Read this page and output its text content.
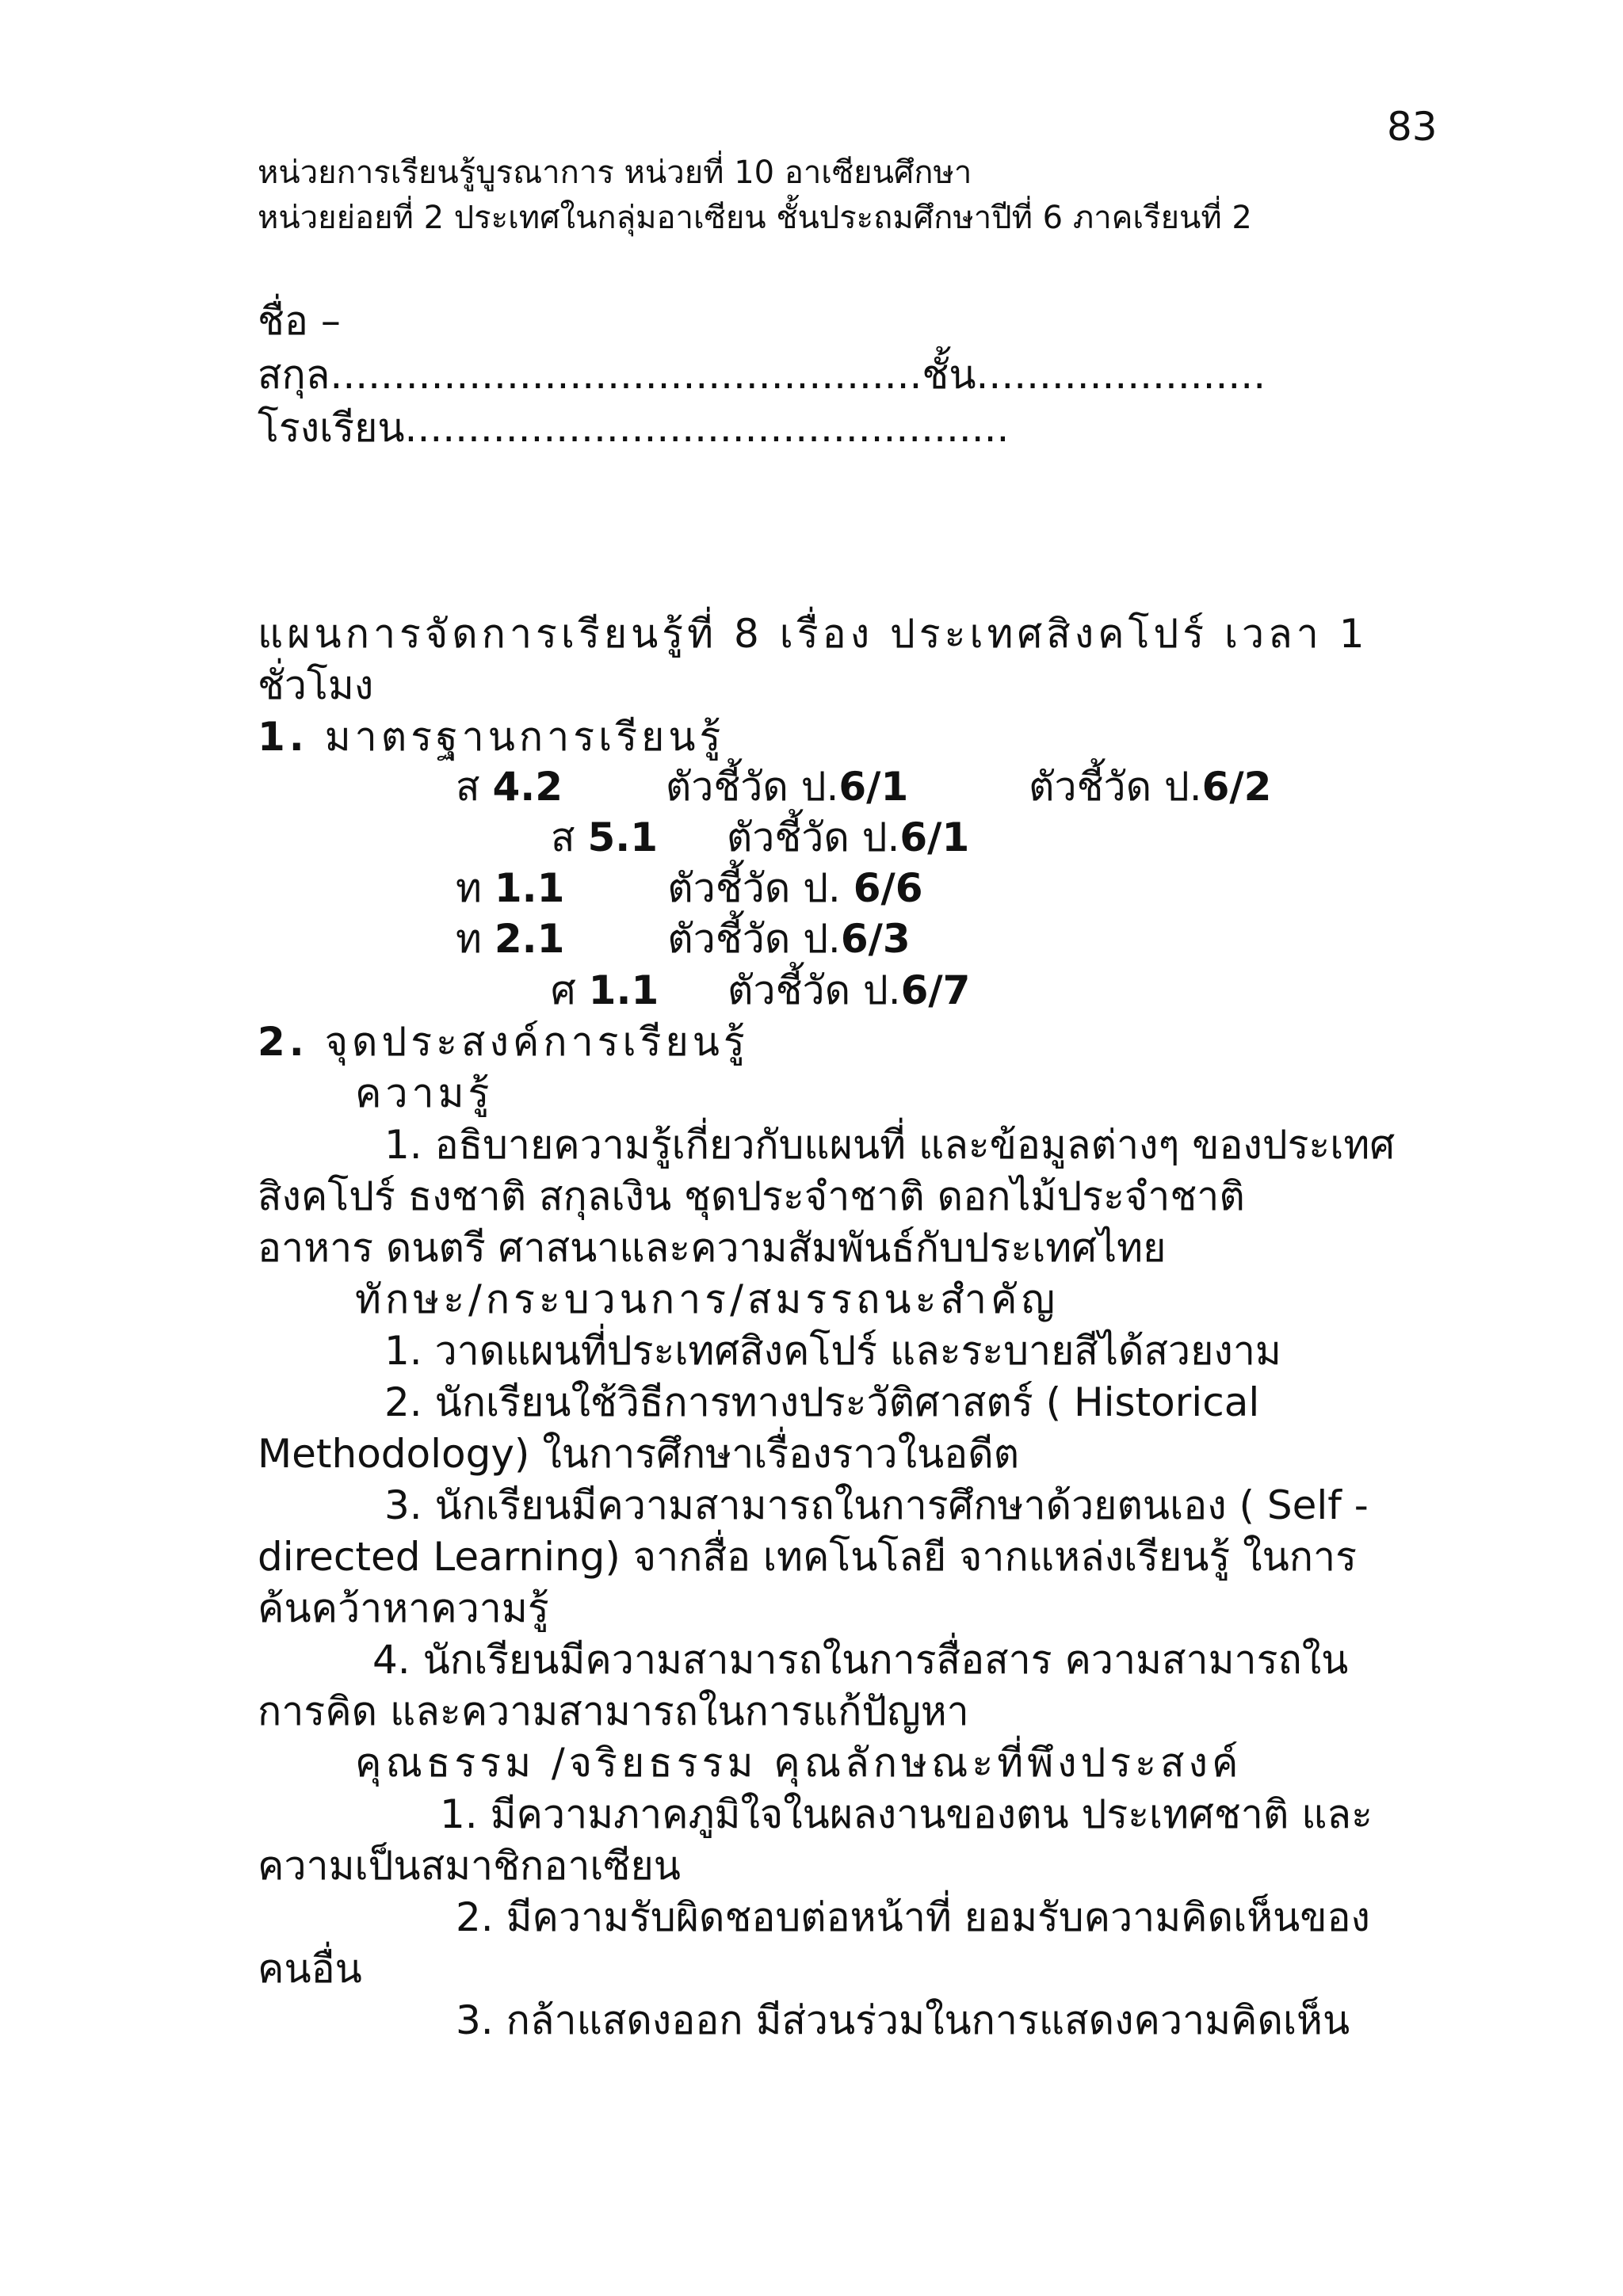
83
หน่วยการเรียนรู้บูรณาการ หน่วยที่ 10 อาเซียนศึกษา
หน่วยย่อยที่ 2 ประเทศในกลุ่มอาเซียน ชั้นประถมศึกษาปีที่ 6 ภาคเรียนที่ 2
ชื่อ –
สกุล...............................................ชั้น.......................
โรงเรียน................................................
แผนการจัดการเรียนรู้ที่ 8 เรื่อง ประเทศสิงคโปร์ เวลา 1
ชั่วโมง
1. มาตรฐานการเรียนรู้
ส 4.2	ตัวชี้วัด ป.6/1	ตัวชี้วัด ป.6/2
ส 5.1 ตัวชี้วัด ป.6/1
ท 1.1	ตัวชี้วัด ป. 6/6
ท 2.1	ตัวชี้วัด ป.6/3
ศ 1.1 ตัวชี้วัด ป.6/7
2. จุดประสงค์การเรียนรู้
ความรู้
1. อธิบายความรู้เกี่ยวกับแผนที่ และข้อมูลต่างๆ ของประเทศ
สิงคโปร์ ธงชาติ สกุลเงิน ชุดประจำชาติ ดอกไม้ประจำชาติ
อาหาร ดนตรี ศาสนาและความสัมพันธ์กับประเทศไทย
ทักษะ/กระบวนการ/สมรรถนะสำคัญ
1. วาดแผนที่ประเทศสิงคโปร์ และระบายสีได้สวยงาม
2. นักเรียนใช้วิธีการทางประวัติศาสตร์ ( Historical
Methodology) ในการศึกษาเรื่องราวในอดีต
3. นักเรียนมีความสามารถในการศึกษาด้วยตนเอง ( Self -
directed Learning) จากสื่อ เทคโนโลยี จากแหล่งเรียนรู้ ในการ
ค้นคว้าหาความรู้
4. นักเรียนมีความสามารถในการสื่อสาร ความสามารถใน
การคิด และความสามารถในการแก้ปัญหา
คุณธรรม /จริยธรรม คุณลักษณะที่พึงประสงค์
1. มีความภาคภูมิใจในผลงานของตน ประเทศชาติ และ
ความเป็นสมาชิกอาเซียน
2. มีความรับผิดชอบต่อหน้าที่ ยอมรับความคิดเห็นของ
คนอื่น
3. กล้าแสดงออก มีส่วนร่วมในการแสดงความคิดเห็น
